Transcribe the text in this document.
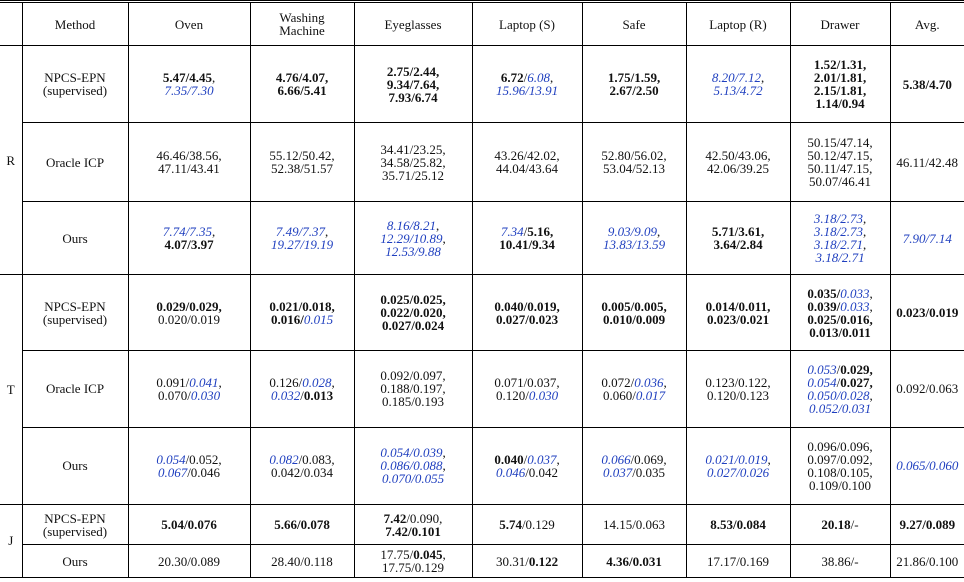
	Method	Oven	Washing
Machine	Eyeglasses	Laptop (S)	Safe	Laptop (R)	Drawer	Avg.

R	NPCS-EPN
(supervised)	5.47/4.45,
7.35/7.30	4.76/4.07,
6.66/5.41	2.75/2.44,
9.34/7.64,
7.93/6.74	6.72/6.08,
15.96/13.91	1.75/1.59,
2.67/2.50	8.20/7.12,
5.13/4.72	1.52/1.31,
2.01/1.81,
2.15/1.81,
1.14/0.94	5.38/4.70

	Oracle ICP	46.46/38.56,
47.11/43.41	55.12/50.42,
52.38/51.57	34.41/23.25,
34.58/25.82,
35.71/25.12	43.26/42.02,
44.04/43.64	52.80/56.02,
53.04/52.13	42.50/43.06,
42.06/39.25	50.15/47.14,
50.12/47.15,
50.11/47.15,
50.07/46.41	46.11/42.48

	Ours	7.74/7.35,
4.07/3.97	7.49/7.37,
19.27/19.19	8.16/8.21,
12.29/10.89,
12.53/9.88	7.34/5.16,
10.41/9.34	9.03/9.09,
13.83/13.59	5.71/3.61,
3.64/2.84	3.18/2.73,
3.18/2.73,
3.18/2.71,
3.18/2.71	7.90/7.14

T	NPCS-EPN
(supervised)	0.029/0.029,
0.020/0.019	0.021/0.018,
0.016/0.015	0.025/0.025,
0.022/0.020,
0.027/0.024	0.040/0.019,
0.027/0.023	0.005/0.005,
0.010/0.009	0.014/0.011,
0.023/0.021	0.035/0.033,
0.039/0.033,
0.025/0.016,
0.013/0.011	0.023/0.019

	Oracle ICP	0.091/0.041,
0.070/0.030	0.126/0.028,
0.032/0.013	0.092/0.097,
0.188/0.197,
0.185/0.193	0.071/0.037,
0.120/0.030	0.072/0.036,
0.060/0.017	0.123/0.122,
0.120/0.123	0.053/0.029,
0.054/0.027,
0.050/0.028,
0.052/0.031	0.092/0.063

	Ours	0.054/0.052,
0.067/0.046	0.082/0.083,
0.042/0.034	0.054/0.039,
0.086/0.088,
0.070/0.055	0.040/0.037,
0.046/0.042	0.066/0.069,
0.037/0.035	0.021/0.019,
0.027/0.026	0.096/0.096,
0.097/0.092,
0.108/0.105,
0.109/0.100	0.065/0.060

J	NPCS-EPN
(supervised)	5.04/0.076	5.66/0.078	7.42/0.090,
7.42/0.101	5.74/0.129	14.15/0.063	8.53/0.084	20.18/-	9.27/0.089

	Ours	20.30/0.089	28.40/0.118	17.75/0.045,
17.75/0.129	30.31/0.122	4.36/0.031	17.17/0.169	38.86/-	21.86/0.100
